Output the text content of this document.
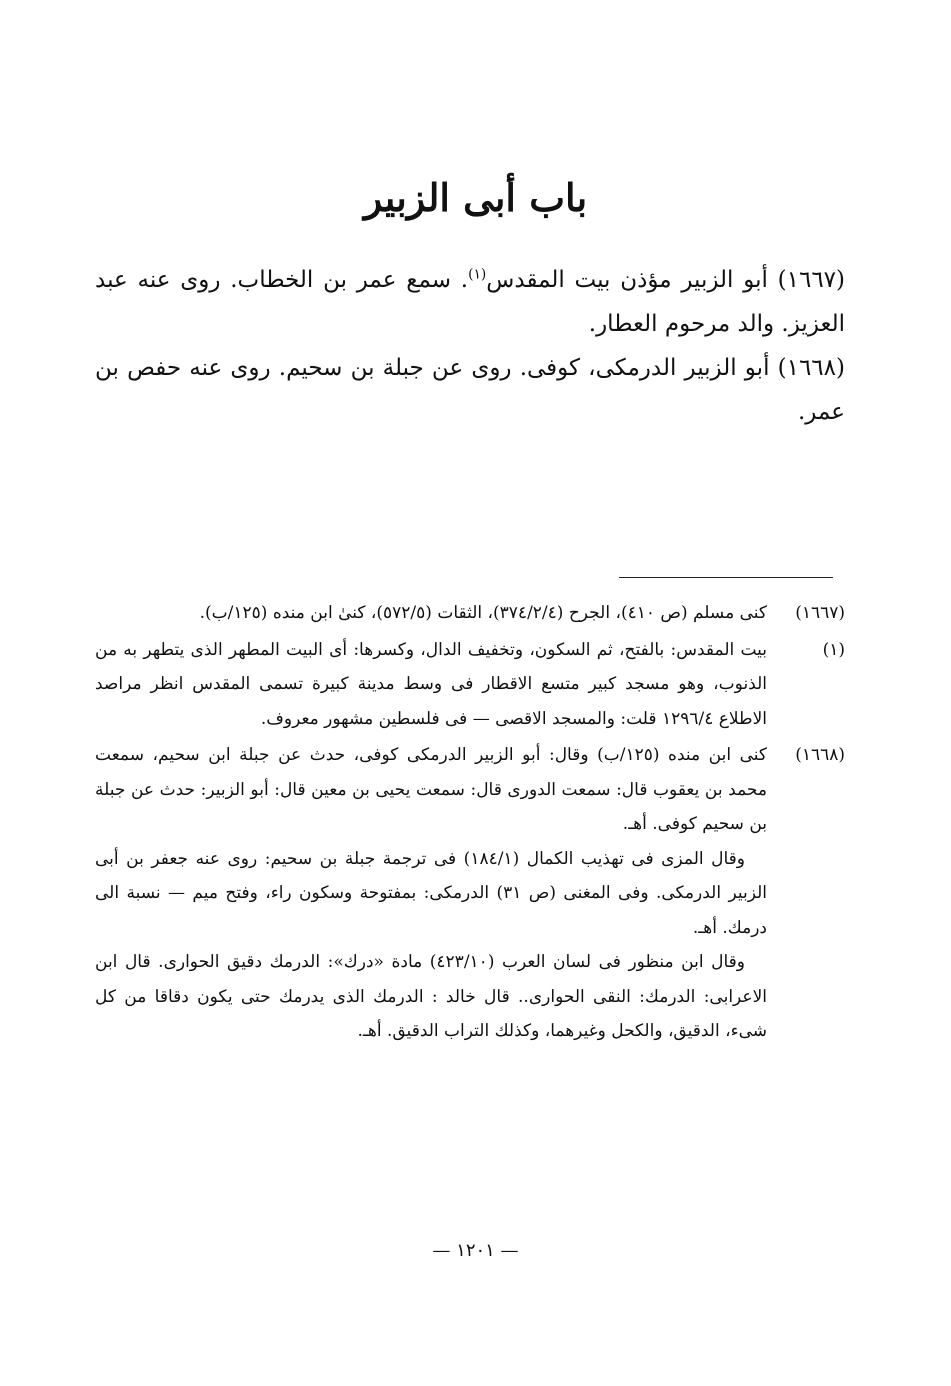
باب أبى الزبير

(١٦٦٧) أبو الزبير مؤذن بيت المقدس$^{(١)}$. سمع عمر بن الخطاب. روى عنه عبد العزيز. والد مرحوم العطار.

(١٦٦٨) أبو الزبير الدرمكى، كوفى. روى عن جبلة بن سحيم. روى عنه حفص بن عمر.

(١٦٦٧)

كنى مسلم (ص ٤١٠)، الجرح (٣٧٤/٢/٤)، الثقات (٥٧٢/٥)، كنىٰ ابن منده (١٢٥/ب).

(١)

بيت المقدس: بالفتح، ثم السكون، وتخفيف الدال، وكسرها: أى البيت المطهر الذى يتطهر به من الذنوب، وهو مسجد كبير متسع الاقطار فى وسط مدينة كبيرة تسمى المقدس انظر مراصد الاطلاع ١٢٩٦/٤ قلت: والمسجد الاقصى — فى فلسطين مشهور معروف.

(١٦٦٨)

كنى ابن منده (١٢٥/ب) وقال: أبو الزبير الدرمكى كوفى، حدث عن جبلة ابن سحيم، سمعت محمد بن يعقوب قال: سمعت الدورى قال: سمعت يحيى بن معين قال: أبو الزبير: حدث عن جبلة بن سحيم كوفى. أهـ.

وقال المزى فى تهذيب الكمال (١٨٤/١) فى ترجمة جبلة بن سحيم: روى عنه جعفر بن أبى الزبير الدرمكى. وفى المغنى (ص ٣١) الدرمكى: بمفتوحة وسكون راء، وفتح ميم — نسبة الى درمك. أهـ.

وقال ابن منظور فى لسان العرب (٤٢٣/١٠) مادة «درك»: الدرمك دقيق الحوارى. قال ابن الاعرابى: الدرمك: النقى الحوارى.. قال خالد : الدرمك الذى يدرمك حتى يكون دقاقا من كل شىء، الدقيق، والكحل وغيرهما، وكذلك التراب الدقيق. أهـ.

— ١٢٠١ —
